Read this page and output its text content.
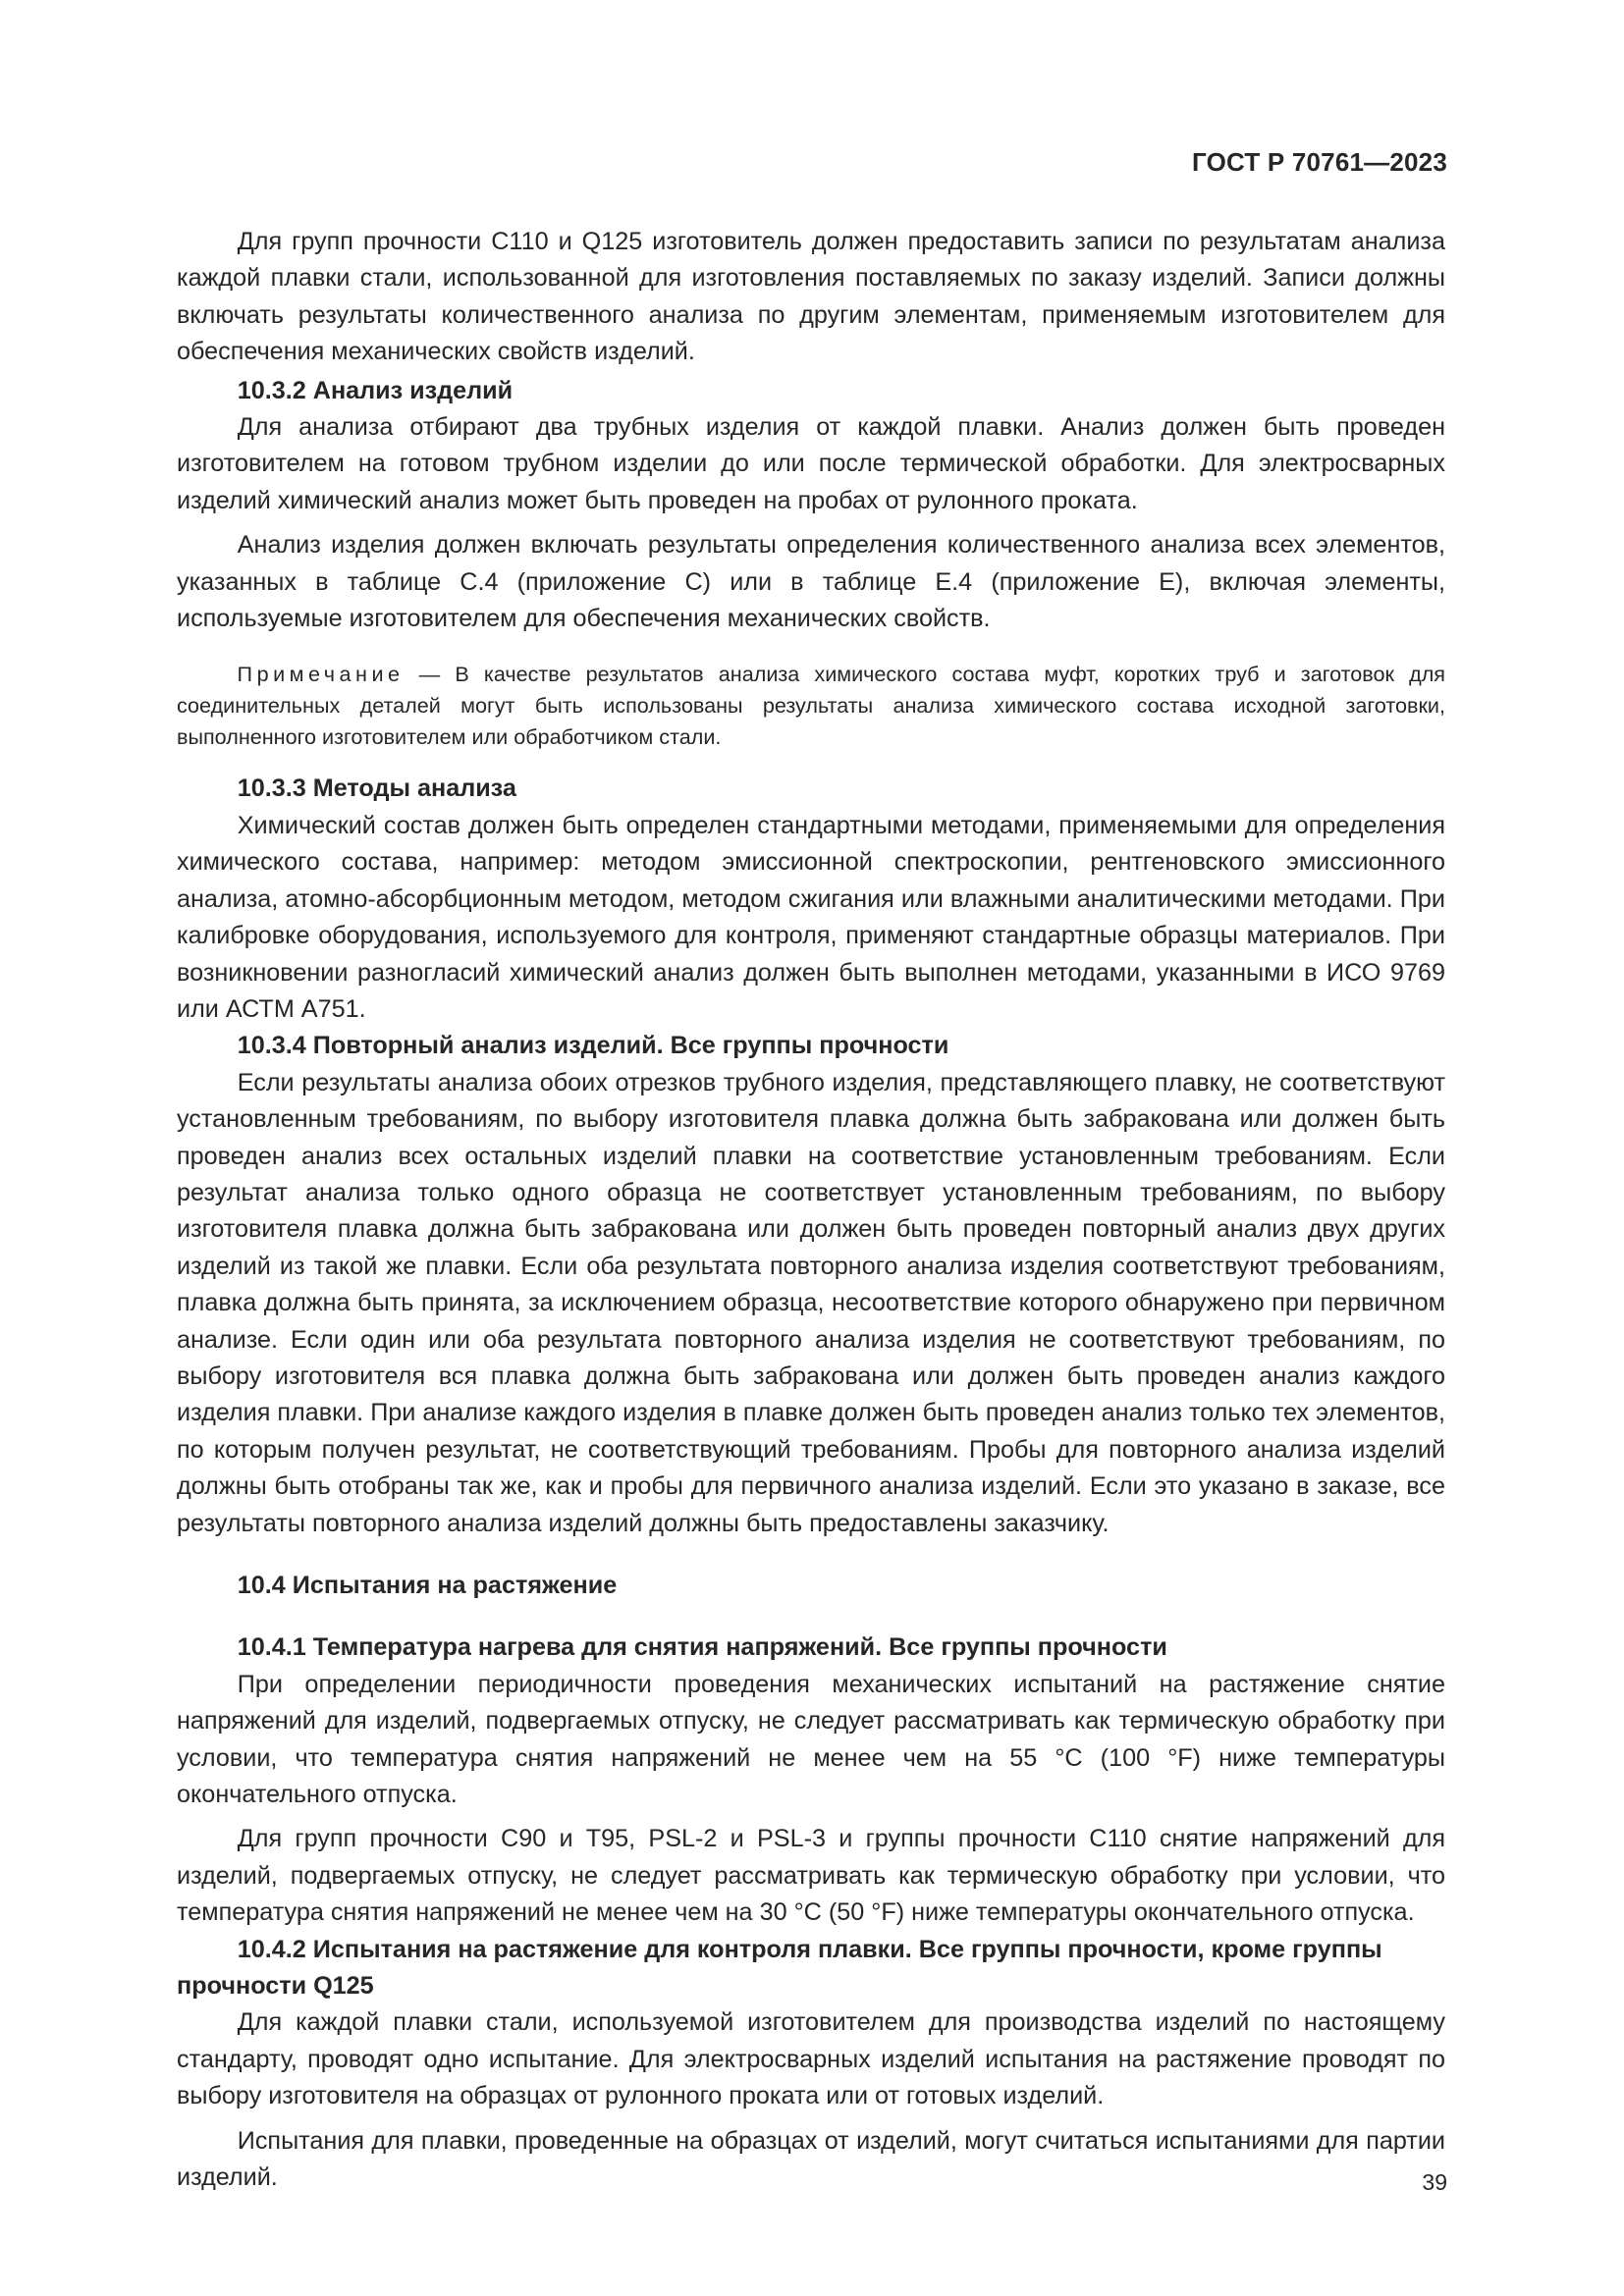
ГОСТ Р 70761—2023

Для групп прочности С110 и Q125 изготовитель должен предоставить записи по результатам анализа каждой плавки стали, использованной для изготовления поставляемых по заказу изделий. Записи должны включать результаты количественного анализа по другим элементам, применяемым изготовителем для обеспечения механических свойств изделий.

10.3.2 Анализ изделий

Для анализа отбирают два трубных изделия от каждой плавки. Анализ должен быть проведен изготовителем на готовом трубном изделии до или после термической обработки. Для электросварных изделий химический анализ может быть проведен на пробах от рулонного проката.

Анализ изделия должен включать результаты определения количественного анализа всех элементов, указанных в таблице С.4 (приложение С) или в таблице Е.4 (приложение Е), включая элементы, используемые изготовителем для обеспечения механических свойств.

Примечание — В качестве результатов анализа химического состава муфт, коротких труб и заготовок для соединительных деталей могут быть использованы результаты анализа химического состава исходной заготовки, выполненного изготовителем или обработчиком стали.

10.3.3 Методы анализа

Химический состав должен быть определен стандартными методами, применяемыми для определения химического состава, например: методом эмиссионной спектроскопии, рентгеновского эмиссионного анализа, атомно-абсорбционным методом, методом сжигания или влажными аналитическими методами. При калибровке оборудования, используемого для контроля, применяют стандартные образцы материалов. При возникновении разногласий химический анализ должен быть выполнен методами, указанными в ИСО 9769 или АСТМ А751.

10.3.4 Повторный анализ изделий. Все группы прочности

Если результаты анализа обоих отрезков трубного изделия, представляющего плавку, не соответствуют установленным требованиям, по выбору изготовителя плавка должна быть забракована или должен быть проведен анализ всех остальных изделий плавки на соответствие установленным требованиям. Если результат анализа только одного образца не соответствует установленным требованиям, по выбору изготовителя плавка должна быть забракована или должен быть проведен повторный анализ двух других изделий из такой же плавки. Если оба результата повторного анализа изделия соответствуют требованиям, плавка должна быть принята, за исключением образца, несоответствие которого обнаружено при первичном анализе. Если один или оба результата повторного анализа изделия не соответствуют требованиям, по выбору изготовителя вся плавка должна быть забракована или должен быть проведен анализ каждого изделия плавки. При анализе каждого изделия в плавке должен быть проведен анализ только тех элементов, по которым получен результат, не соответствующий требованиям. Пробы для повторного анализа изделий должны быть отобраны так же, как и пробы для первичного анализа изделий. Если это указано в заказе, все результаты повторного анализа изделий должны быть предоставлены заказчику.

10.4 Испытания на растяжение

10.4.1 Температура нагрева для снятия напряжений. Все группы прочности

При определении периодичности проведения механических испытаний на растяжение снятие напряжений для изделий, подвергаемых отпуску, не следует рассматривать как термическую обработку при условии, что температура снятия напряжений не менее чем на 55 °С (100 °F) ниже температуры окончательного отпуска.

Для групп прочности С90 и Т95, PSL-2 и PSL-3 и группы прочности С110 снятие напряжений для изделий, подвергаемых отпуску, не следует рассматривать как термическую обработку при условии, что температура снятия напряжений не менее чем на 30 °С (50 °F) ниже температуры окончательного отпуска.

10.4.2 Испытания на растяжение для контроля плавки. Все группы прочности, кроме группы прочности Q125

Для каждой плавки стали, используемой изготовителем для производства изделий по настоящему стандарту, проводят одно испытание. Для электросварных изделий испытания на растяжение проводят по выбору изготовителя на образцах от рулонного проката или от готовых изделий.

Испытания для плавки, проведенные на образцах от изделий, могут считаться испытаниями для партии изделий.	39
